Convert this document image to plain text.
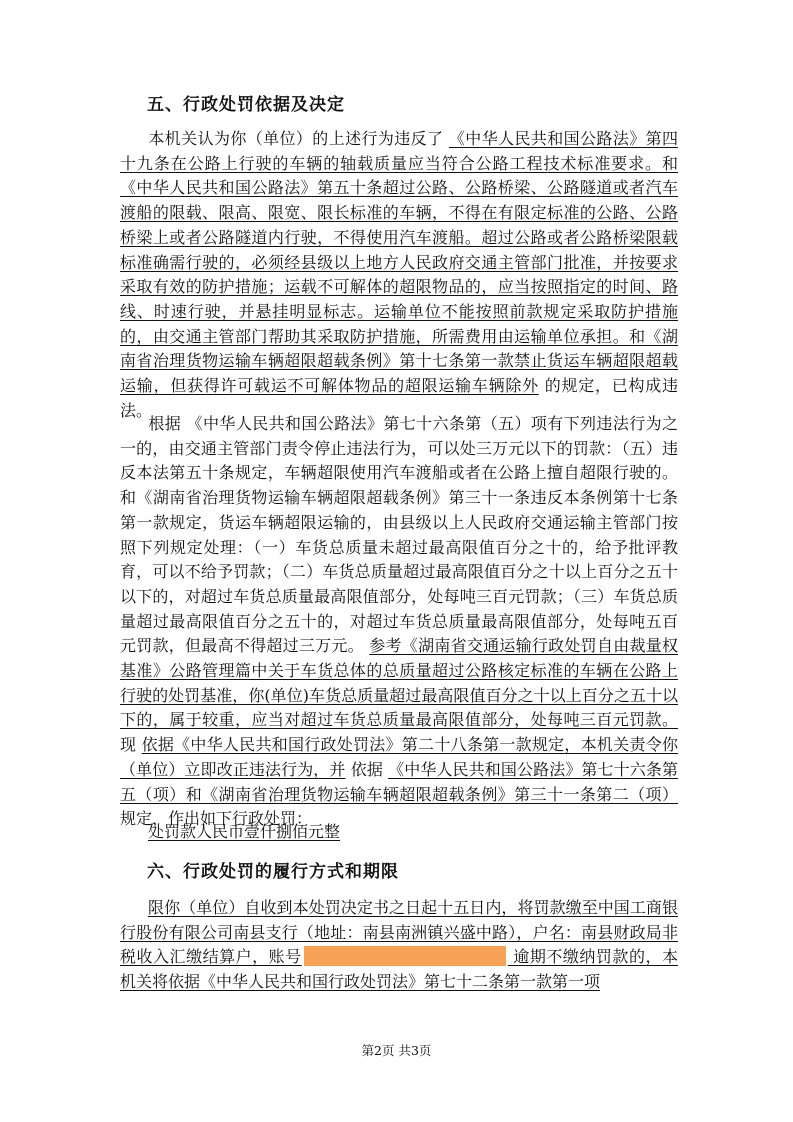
五、行政处罚依据及决定
本机关认为你（单位）的上述行为违反了 《中华人民共和国公路法》第四十九条在公路上行驶的车辆的轴载质量应当符合公路工程技术标准要求。和《中华人民共和国公路法》第五十条超过公路、公路桥梁、公路隧道或者汽车渡船的限载、限高、限宽、限长标准的车辆，不得在有限定标准的公路、公路桥梁上或者公路隧道内行驶，不得使用汽车渡船。超过公路或者公路桥梁限载标准确需行驶的，必须经县级以上地方人民政府交通主管部门批准，并按要求采取有效的防护措施；运载不可解体的超限物品的，应当按照指定的时间、路线、时速行驶，并悬挂明显标志。运输单位不能按照前款规定采取防护措施的，由交通主管部门帮助其采取防护措施，所需费用由运输单位承担。和《湖南省治理货物运输车辆超限超载条例》第十七条第一款禁止货运车辆超限超载运输，但获得许可载运不可解体物品的超限运输车辆除外 的规定，已构成违法。
根据 《中华人民共和国公路法》第七十六条第（五）项有下列违法行为之一的，由交通主管部门责令停止违法行为，可以处三万元以下的罚款：（五）违反本法第五十条规定，车辆超限使用汽车渡船或者在公路上擅自超限行驶的。和《湖南省治理货物运输车辆超限超载条例》第三十一条违反本条例第十七条第一款规定，货运车辆超限运输的，由县级以上人民政府交通运输主管部门按照下列规定处理：（一）车货总质量未超过最高限值百分之十的，给予批评教育，可以不给予罚款；（二）车货总质量超过最高限值百分之十以上百分之五十以下的，对超过车货总质量最高限值部分，处每吨三百元罚款；（三）车货总质量超过最高限值百分之五十的，对超过车货总质量最高限值部分，处每吨五百元罚款，但最高不得超过三万元。 参考《湖南省交通运输行政处罚自由裁量权基准》公路管理篇中关于车货总体的总质量超过公路核定标准的车辆在公路上行驶的处罚基准，你(单位)车货总质量超过最高限值百分之十以上百分之五十以下的，属于较重，应当对超过车货总质量最高限值部分，处每吨三百元罚款。 现 依据《中华人民共和国行政处罚法》第二十八条第一款规定，本机关责令你（单位）立即改正违法行为，并 依据 《中华人民共和国公路法》第七十六条第五（项）和《湖南省治理货物运输车辆超限超载条例》第三十一条第二（项） 规定，作出如下行政处罚：
处罚款人民币壹仟捌佰元整
六、行政处罚的履行方式和期限
限你（单位）自收到本处罚决定书之日起十五日内，将罚款缴至中国工商银行股份有限公司南县支行（地址：南县南洲镇兴盛中路），户名：南县财政局非税收入汇缴结算户，账号	逾期不缴纳罚款的，本机关将依据《中华人民共和国行政处罚法》第七十二条第一款第一项
第2页 共3页
